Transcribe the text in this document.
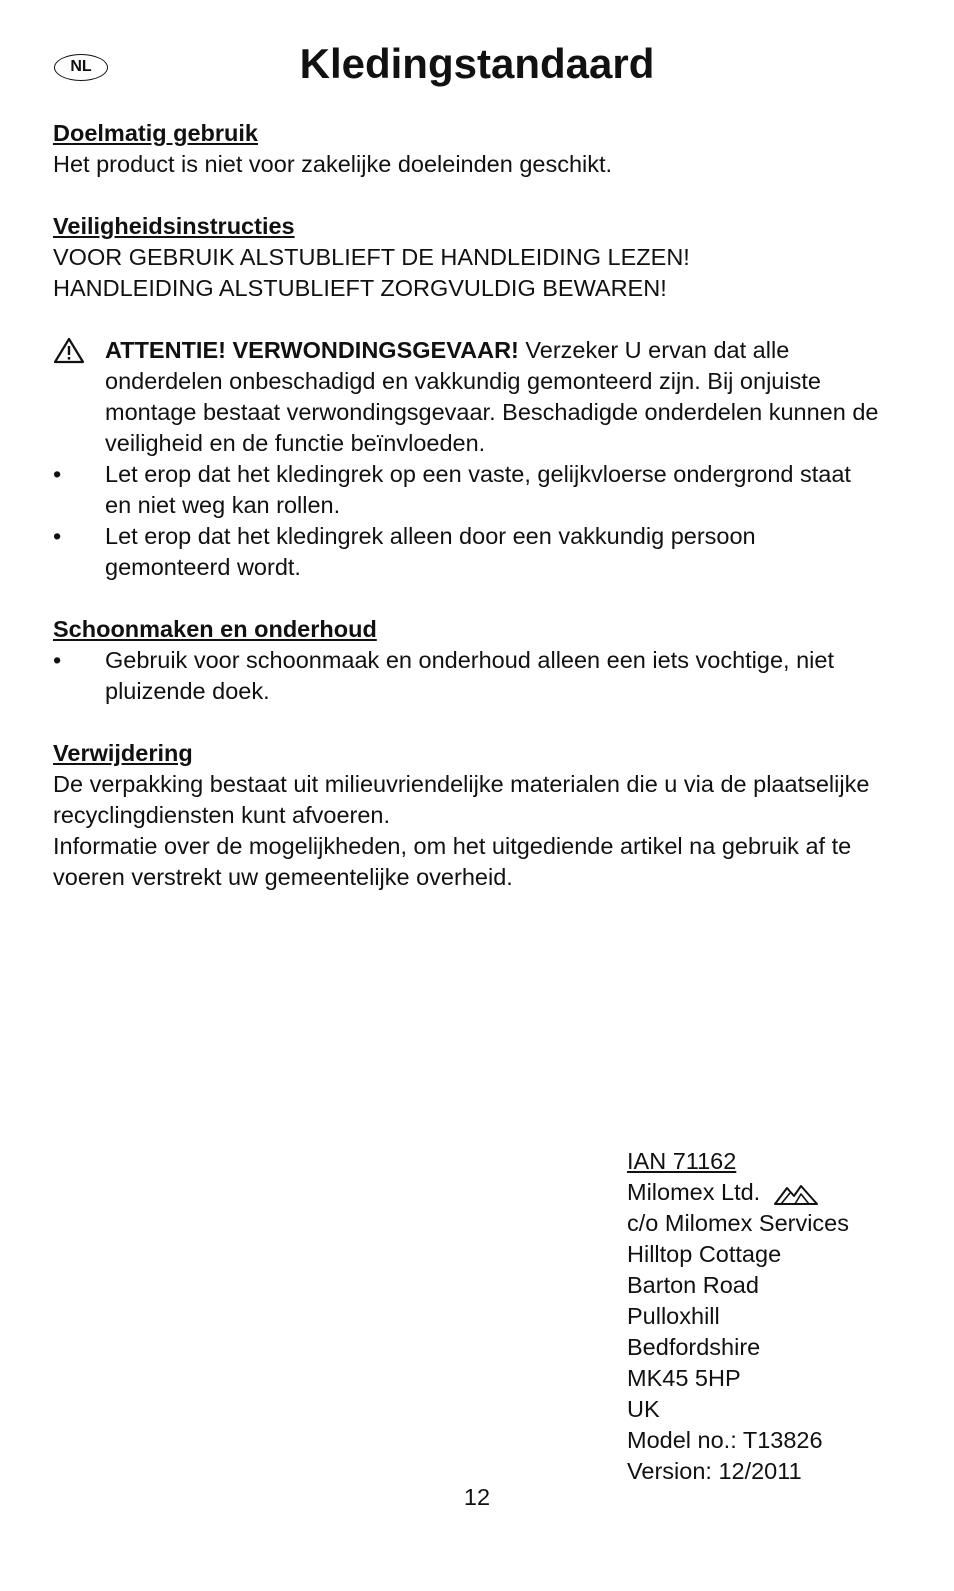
NL	Kledingstandaard

Doelmatig gebruik

Het product is niet voor zakelijke doeleinden geschikt.

Veiligheidsinstructies

VOOR GEBRUIK ALSTUBLIEFT DE HANDLEIDING LEZEN!

HANDLEIDING ALSTUBLIEFT ZORGVULDIG BEWAREN!

ATTENTIE! VERWONDINGSGEVAAR! Verzeker U ervan dat alle onderdelen onbeschadigd en vakkundig gemonteerd zijn. Bij onjuiste montage bestaat verwondingsgevaar. Beschadigde onderdelen kunnen de veiligheid en de functie beïnvloeden.
•	Let erop dat het kledingrek op een vaste, gelijkvloerse ondergrond staat en niet weg kan rollen.
•	Let erop dat het kledingrek alleen door een vakkundig persoon gemonteerd wordt.

Schoonmaken en onderhoud

•	Gebruik voor schoonmaak en onderhoud alleen een iets vochtige, niet pluizende doek.

Verwijdering

De verpakking bestaat uit milieuvriendelijke materialen die u via de plaatselijke recyclingdiensten kunt afvoeren.

Informatie over de mogelijkheden, om het uitgediende artikel na gebruik af te voeren verstrekt uw gemeentelijke overheid.

IAN 71162
Milomex Ltd.
c/o Milomex Services
Hilltop Cottage
Barton Road
Pulloxhill
Bedfordshire
MK45 5HP
UK
Model no.: T13826
Version: 12/2011
12
